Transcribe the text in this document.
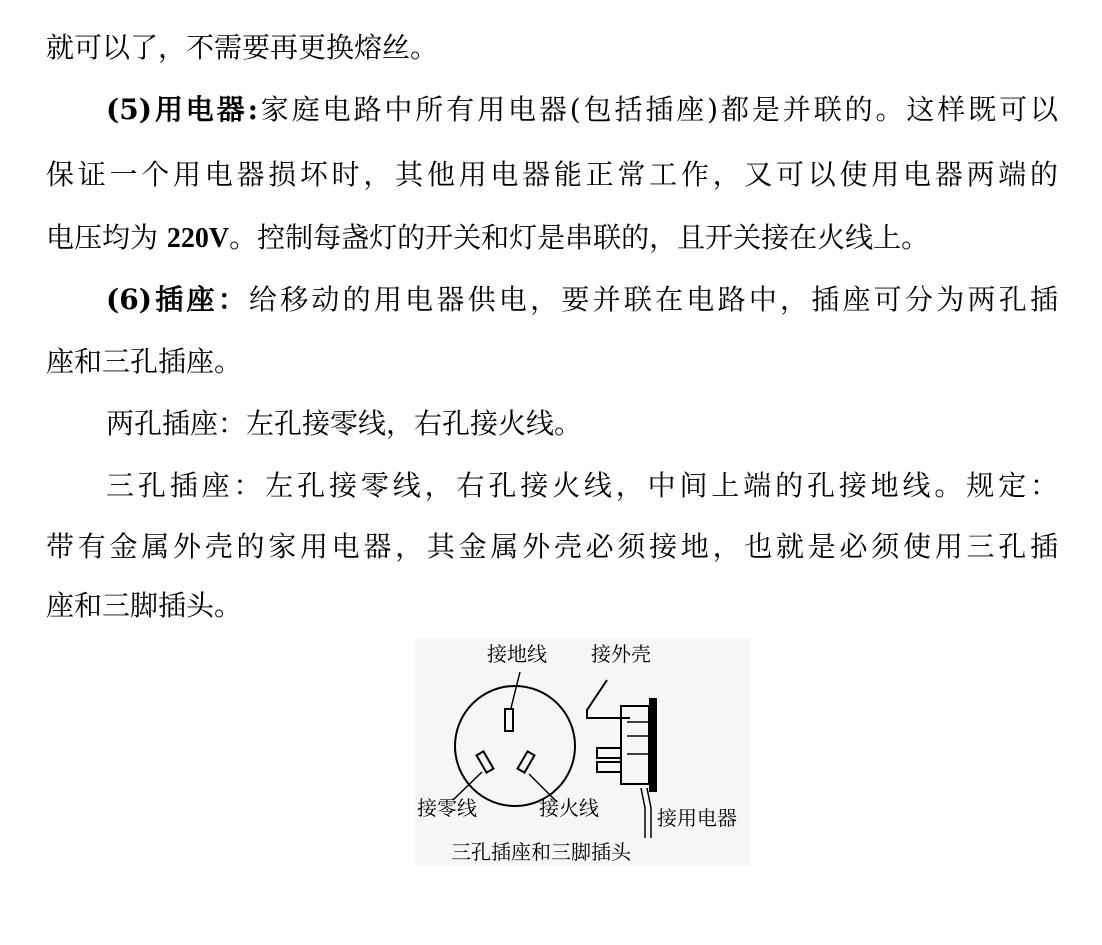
就可以了，不需要再更换熔丝。
(5)用电器:家庭电路中所有用电器(包括插座)都是并联的。这样既可以
保证一个用电器损坏时，其他用电器能正常工作，又可以使用电器两端的
电压均为 220V。控制每盏灯的开关和灯是串联的，且开关接在火线上。
(6)插座：给移动的用电器供电，要并联在电路中，插座可分为两孔插
座和三孔插座。
两孔插座：左孔接零线，右孔接火线。
三孔插座：左孔接零线，右孔接火线，中间上端的孔接地线。规定：
带有金属外壳的家用电器，其金属外壳必须接地，也就是必须使用三孔插
座和三脚插头。
接地线 接外壳
接零线	接火线	接用电器
三孔插座和三脚插头
